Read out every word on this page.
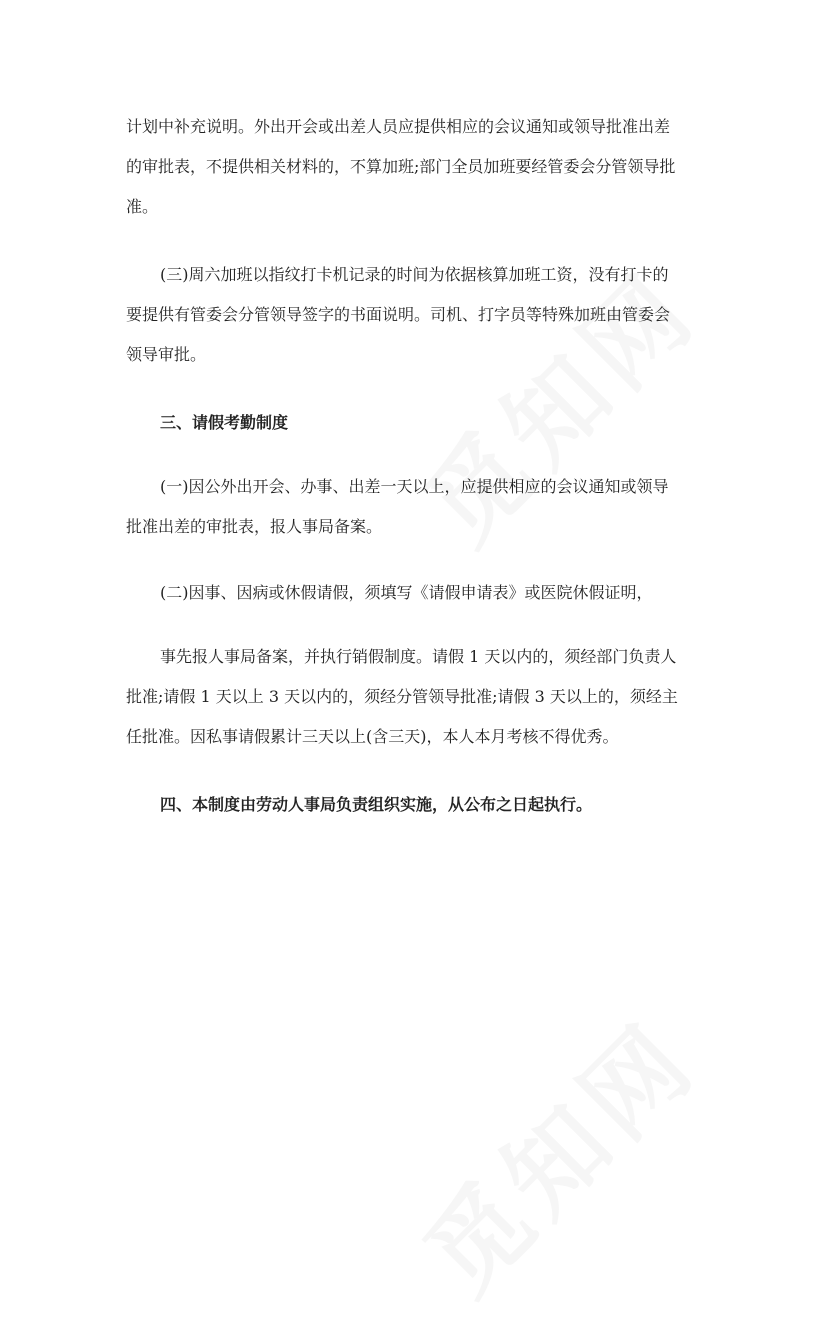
计划中补充说明。外出开会或出差人员应提供相应的会议通知或领导批准出差
的审批表，不提供相关材料的，不算加班;部门全员加班要经管委会分管领导批
准。
(三)周六加班以指纹打卡机记录的时间为依据核算加班工资，没有打卡的
要提供有管委会分管领导签字的书面说明。司机、打字员等特殊加班由管委会
领导审批。
三、请假考勤制度
(一)因公外出开会、办事、出差一天以上，应提供相应的会议通知或领导
批准出差的审批表，报人事局备案。
(二)因事、因病或休假请假，须填写《请假申请表》或医院休假证明，
事先报人事局备案，并执行销假制度。请假 1 天以内的，须经部门负责人
批准;请假 1 天以上 3 天以内的，须经分管领导批准;请假 3 天以上的，须经主
任批准。因私事请假累计三天以上(含三天)，本人本月考核不得优秀。
四、本制度由劳动人事局负责组织实施，从公布之日起执行。
